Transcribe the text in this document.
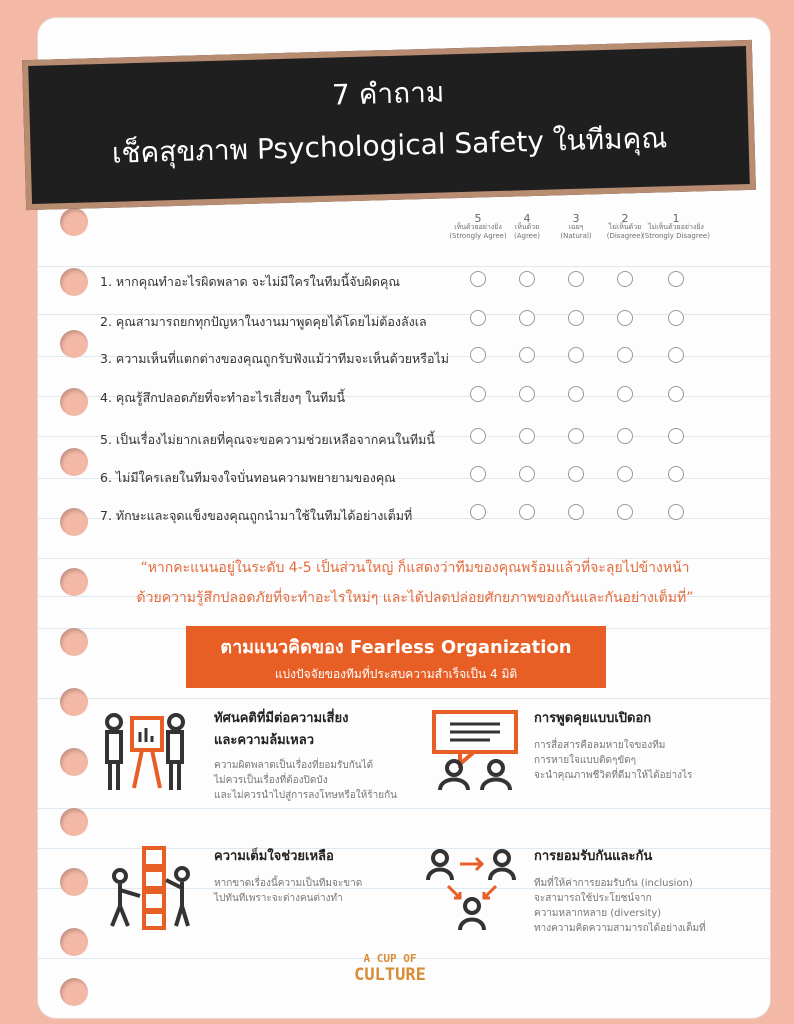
7 คำถาม
เช็คสุขภาพ Psychological Safety ในทีมคุณ
5
เห็นด้วยอย่างยิ่ง
(Strongly Agree)
4
เห็นด้วย
(Agree)
3
เฉยๆ
(Natural)
2
ไม่เห็นด้วย
(Disagree)
1
ไม่เห็นด้วยอย่างยิ่ง
(Strongly Disagree)
1. หากคุณทำอะไรผิดพลาด จะไม่มีใครในทีมนี้จับผิดคุณ
2. คุณสามารถยกทุกปัญหาในงานมาพูดคุยได้โดยไม่ต้องลังเล
3. ความเห็นที่แตกต่างของคุณถูกรับฟังแม้ว่าทีมจะเห็นด้วยหรือไม่
4. คุณรู้สึกปลอดภัยที่จะทำอะไรเสี่ยงๆ ในทีมนี้
5. เป็นเรื่องไม่ยากเลยที่คุณจะขอความช่วยเหลือจากคนในทีมนี้
6. ไม่มีใครเลยในทีมจงใจบั่นทอนความพยายามของคุณ
7. ทักษะและจุดแข็งของคุณถูกนำมาใช้ในทีมได้อย่างเต็มที่
“หากคะแนนอยู่ในระดับ 4-5 เป็นส่วนใหญ่ ก็แสดงว่าทีมของคุณพร้อมแล้วที่จะลุยไปข้างหน้า
ด้วยความรู้สึกปลอดภัยที่จะทำอะไรใหม่ๆ และได้ปลดปล่อยศักยภาพของกันและกันอย่างเต็มที่”
ตามแนวคิดของ Fearless Organization
แบ่งปัจจัยของทีมที่ประสบความสำเร็จเป็น 4 มิติ
ทัศนคติที่มีต่อความเสี่ยง
และความล้มเหลว
ความผิดพลาดเป็นเรื่องที่ยอมรับกันได้
ไม่ควรเป็นเรื่องที่ต้องปิดบัง
และไม่ควรนำไปสู่การลงโทษหรือให้ร้ายกัน
การพูดคุยแบบเปิดอก
การสื่อสารคือลมหายใจของทีม
การหายใจแบบติดๆขัดๆ
จะนำคุณภาพชีวิตที่ดีมาให้ได้อย่างไร
ความเต็มใจช่วยเหลือ
หากขาดเรื่องนี้ความเป็นทีมจะขาด
ไปทันทีเพราะจะต่างคนต่างทำ
การยอมรับกันและกัน
ทีมที่ให้ค่าการยอมรับกัน (inclusion)
จะสามารถใช้ประโยชน์จาก
ความหลากหลาย (diversity)
ทางความคิดความสามารถได้อย่างเต็มที่
A CUP OF
CULTURE
